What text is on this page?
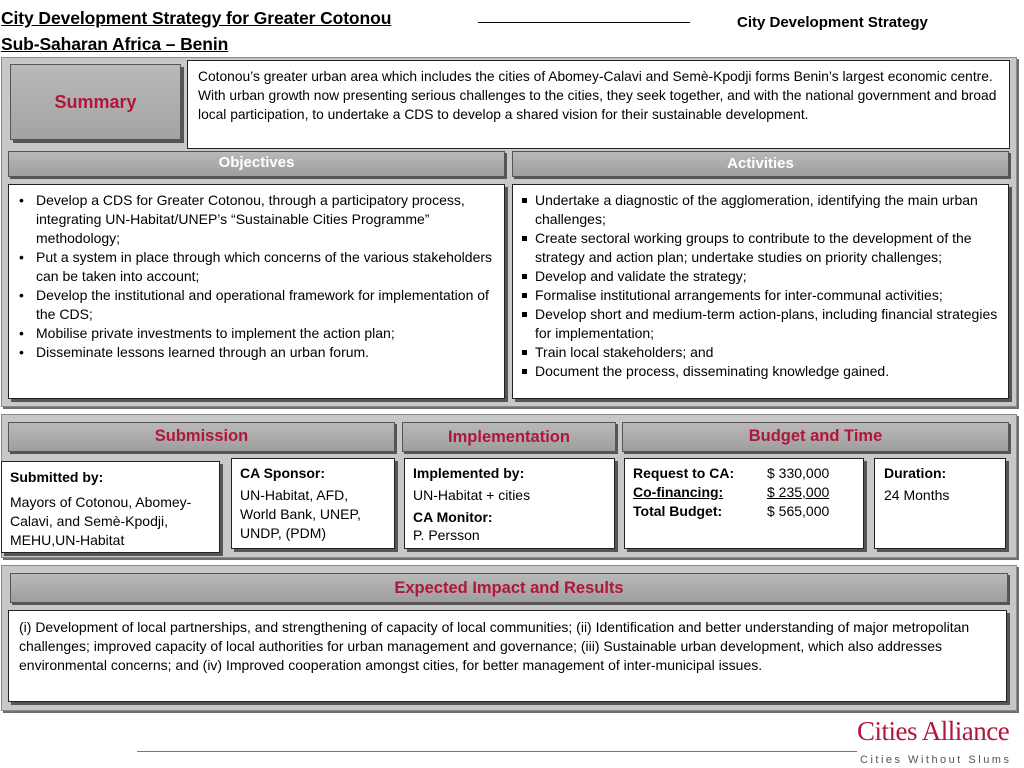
City Development Strategy for Greater Cotonou
Sub-Saharan Africa – Benin
City Development Strategy
Summary
Cotonou’s greater urban area which includes the cities of Abomey-Calavi and Semè-Kpodji forms Benin’s largest economic centre. With urban growth now presenting serious challenges to the cities, they seek together, and with the national government and broad local participation, to undertake a CDS to develop a shared vision for their sustainable development.
Objectives	Activities
• Develop a CDS for Greater Cotonou, through a participatory process, integrating UN-Habitat/UNEP’s “Sustainable Cities Programme” methodology;
• Put a system in place through which concerns of the various stakeholders can be taken into account;
• Develop the institutional and operational framework for implementation of the CDS;
• Mobilise private investments to implement the action plan;
• Disseminate lessons learned through an urban forum.
Undertake a diagnostic of the agglomeration, identifying the main urban challenges;
Create sectoral working groups to contribute to the development of the strategy and action plan; undertake studies on priority challenges;
Develop and validate the strategy;
Formalise institutional arrangements for inter-communal activities;
Develop short and medium-term action-plans, including financial strategies for implementation;
Train local stakeholders; and
Document the process, disseminating knowledge gained.
Submission	Implementation	Budget and Time
Submitted by:
Mayors of Cotonou, Abomey-Calavi, and Semè-Kpodji, MEHU,UN-Habitat
CA Sponsor:
UN-Habitat, AFD, World Bank, UNEP, UNDP, (PDM)
Implemented by:
UN-Habitat + cities
CA Monitor:
P. Persson
Request to CA:	$ 330,000
Co-financing:	$ 235,000
Total Budget:	$ 565,000
Duration:
24 Months
Expected Impact and Results
(i) Development of local partnerships, and strengthening of capacity of local communities; (ii) Identification and better understanding of major metropolitan challenges; improved capacity of local authorities for urban management and governance; (iii) Sustainable urban development, which also addresses environmental concerns; and (iv) Improved cooperation amongst cities, for better management of inter-municipal issues.
Cities Alliance
Cities Without Slums
